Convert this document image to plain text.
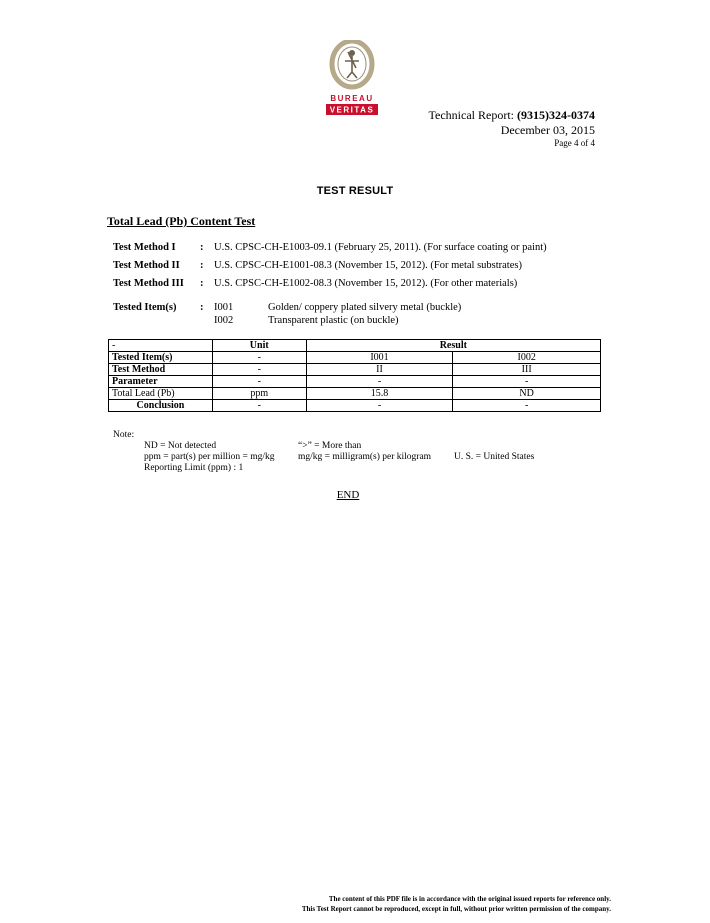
BUREAU
VERITAS	Technical Report: (9315)324-0374
December 03, 2015
Page 4 of 4
TEST RESULT
Total Lead (Pb) Content Test
Test Method I : U.S. CPSC-CH-E1003-09.1 (February 25, 2011). (For surface coating or paint)
Test Method II : U.S. CPSC-CH-E1001-08.3 (November 15, 2012). (For metal substrates)
Test Method III : U.S. CPSC-CH-E1002-08.3 (November 15, 2012). (For other materials)
Tested Item(s) : I001	Golden/ coppery plated silvery metal (buckle)
I002	Transparent plastic (on buckle)
-	Unit	Result	
Tested Item(s)	-	I001	I002
Test Method	-	II	III
Parameter	-	-	-
Total Lead (Pb)	ppm	15.8	ND
Conclusion	-	-	-
Note:
ND = Not detected	“>” = More than
ppm = part(s) per million = mg/kg mg/kg = milligram(s) per kilogram U. S. = United States
Reporting Limit (ppm) : 1
END
The content of this PDF file is in accordance with the original issued reports for reference only.
This Test Report cannot be reproduced, except in full, without prior written permission of the company.
